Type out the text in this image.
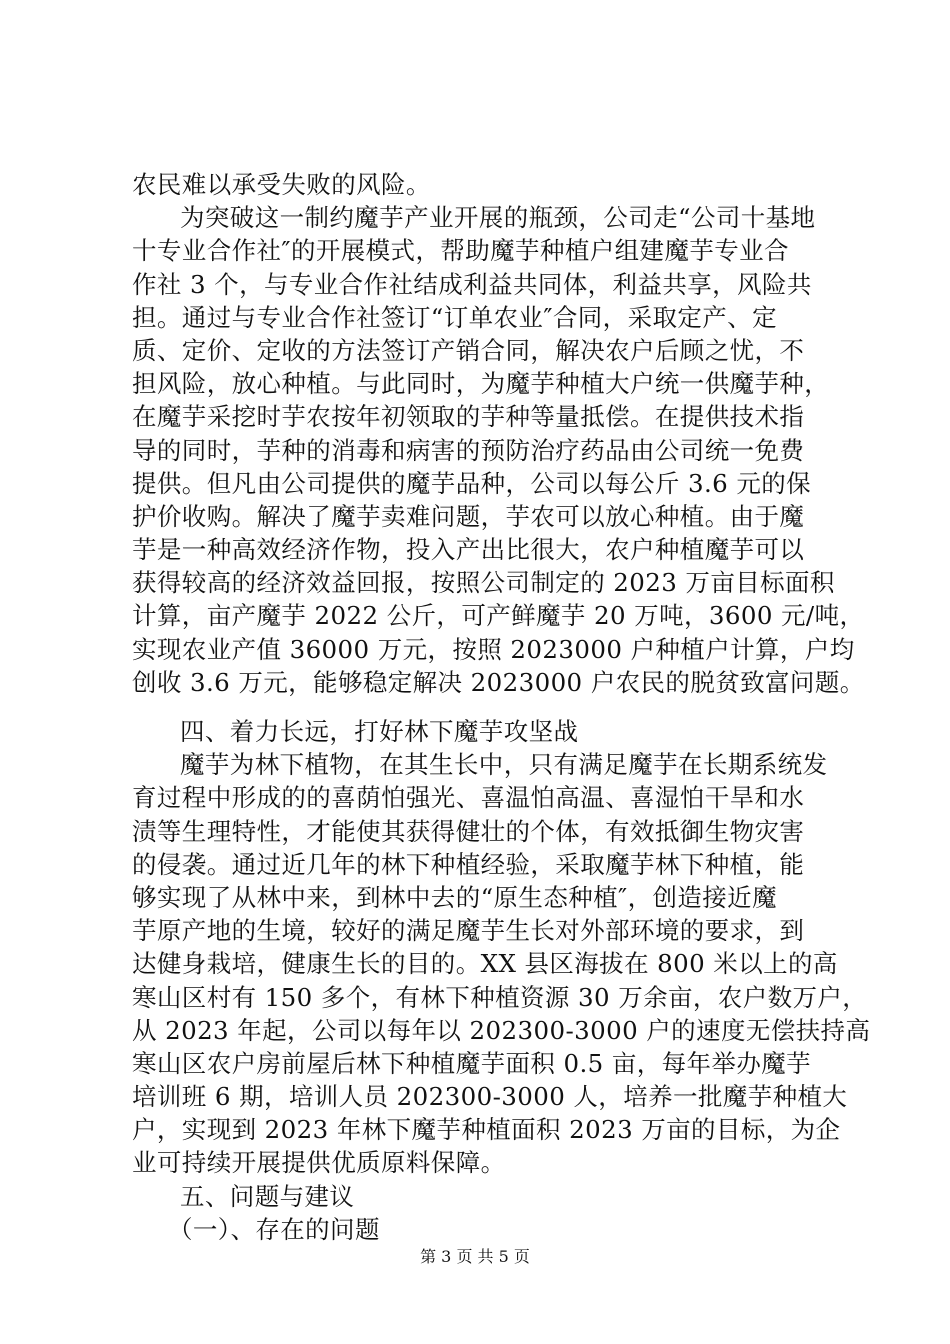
农民难以承受失败的风险。
为突破这一制约魔芋产业开展的瓶颈，公司走“公司十基地
十专业合作社″的开展模式，帮助魔芋种植户组建魔芋专业合
作社 3 个，与专业合作社结成利益共同体，利益共享，风险共
担。通过与专业合作社签订“订单农业″合同，采取定产、定
质、定价、定收的方法签订产销合同，解决农户后顾之忧，不
担风险，放心种植。与此同时，为魔芋种植大户统一供魔芋种，
在魔芋采挖时芋农按年初领取的芋种等量抵偿。在提供技术指
导的同时，芋种的消毒和病害的预防治疗药品由公司统一免费
提供。但凡由公司提供的魔芋品种，公司以每公斤 3.6 元的保
护价收购。解决了魔芋卖难问题，芋农可以放心种植。由于魔
芋是一种高效经济作物，投入产出比很大，农户种植魔芋可以
获得较高的经济效益回报，按照公司制定的 2023 万亩目标面积
计算，亩产魔芋 2022 公斤，可产鲜魔芋 20 万吨，3600 元/吨，
实现农业产值 36000 万元，按照 2023000 户种植户计算，户均
创收 3.6 万元，能够稳定解决 2023000 户农民的脱贫致富问题。
四、着力长远，打好林下魔芋攻坚战
魔芋为林下植物，在其生长中，只有满足魔芋在长期系统发
育过程中形成的的喜荫怕强光、喜温怕高温、喜湿怕干旱和水
渍等生理特性，才能使其获得健壮的个体，有效抵御生物灾害
的侵袭。通过近几年的林下种植经验，采取魔芋林下种植，能
够实现了从林中来，到林中去的“原生态种植″，创造接近魔
芋原产地的生境，较好的满足魔芋生长对外部环境的要求，到
达健身栽培，健康生长的目的。XX 县区海拔在 800 米以上的高
寒山区村有 150 多个，有林下种植资源 30 万余亩，农户数万户，
从 2023 年起，公司以每年以 202300-3000 户的速度无偿扶持高
寒山区农户房前屋后林下种植魔芋面积 0.5 亩，每年举办魔芋
培训班 6 期，培训人员 202300-3000 人，培养一批魔芋种植大
户，实现到 2023 年林下魔芋种植面积 2023 万亩的目标，为企
业可持续开展提供优质原料保障。
五、问题与建议
（一）、存在的问题
第 3 页 共 5 页
